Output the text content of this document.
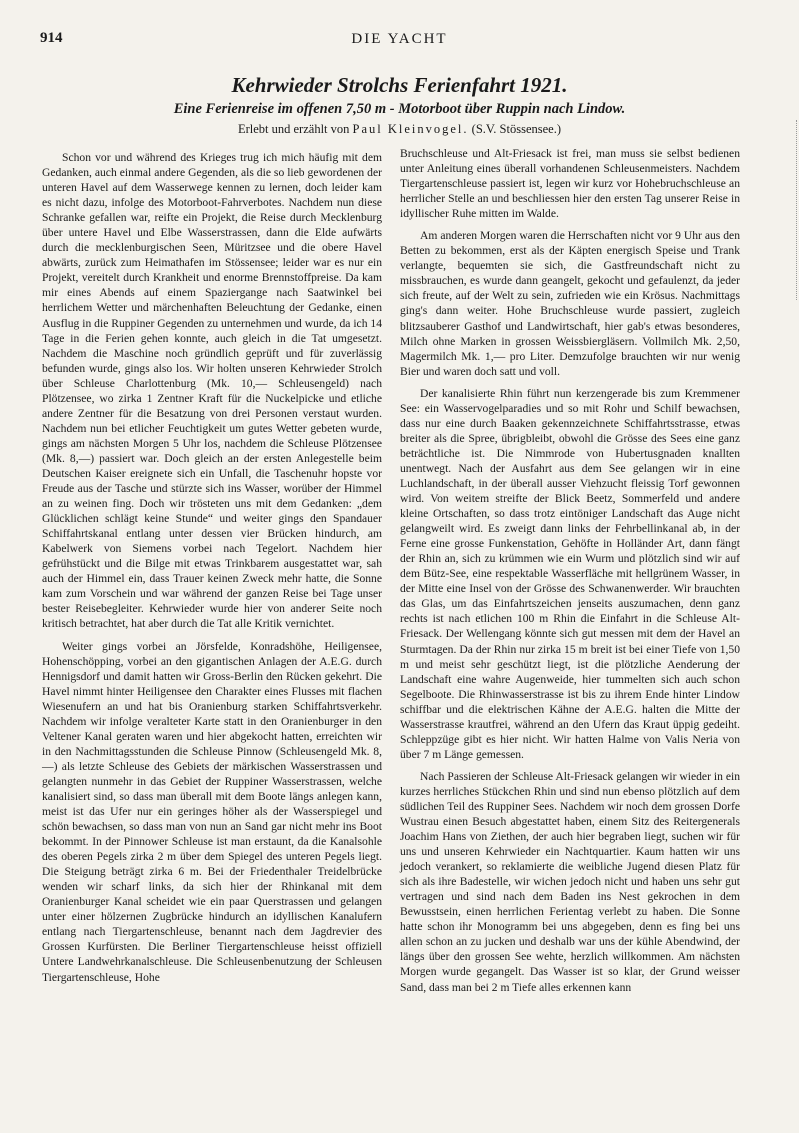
914	DIE YACHT
Kehrwieder Strolchs Ferienfahrt 1921.
Eine Ferienreise im offenen 7,50 m - Motorboot über Ruppin nach Lindow.
Erlebt und erzählt von Paul Kleinvogel. (S.V. Stössensee.)

Schon vor und während des Krieges trug ich mich häufig mit dem Gedanken, auch einmal andere Gegenden, als die so lieb gewordenen der unteren Havel auf dem Wasserwege kennen zu lernen, doch leider kam es nicht dazu, infolge des Motorboot-Fahrverbotes. Nachdem nun diese Schranke gefallen war, reifte ein Projekt, die Reise durch Mecklenburg über untere Havel und Elbe Wasserstrassen, dann die Elde aufwärts durch die mecklenburgischen Seen, Müritzsee und die obere Havel abwärts, zurück zum Heimathafen im Stössensee; leider war es nur ein Projekt, vereitelt durch Krankheit und enorme Brennstoffpreise. Da kam mir eines Abends auf einem Spaziergange nach Saatwinkel bei herrlichem Wetter und märchenhaften Beleuchtung der Gedanke, einen Ausflug in die Ruppiner Gegenden zu unternehmen und wurde, da ich 14 Tage in die Ferien gehen konnte, auch gleich in die Tat umgesetzt. Nachdem die Maschine noch gründlich geprüft und für zuverlässig befunden wurde, gings also los. Wir holten unseren Kehrwieder Strolch über Schleuse Charlottenburg (Mk. 10,— Schleusengeld) nach Plötzensee, wo zirka 1 Zentner Kraft für die Nuckelpicke und etliche andere Zentner für die Besatzung von drei Personen verstaut wurden. Nachdem nun bei etlicher Feuchtigkeit um gutes Wetter gebeten wurde, gings am nächsten Morgen 5 Uhr los, nachdem die Schleuse Plötzensee (Mk. 8,—) passiert war. Doch gleich an der ersten Anlegestelle beim Deutschen Kaiser ereignete sich ein Unfall, die Taschenuhr hopste vor Freude aus der Tasche und stürzte sich ins Wasser, worüber der Himmel an zu weinen fing. Doch wir trösteten uns mit dem Gedanken: „dem Glücklichen schlägt keine Stunde“ und weiter gings den Spandauer Schiffahrtskanal entlang unter dessen vier Brücken hindurch, am Kabelwerk von Siemens vorbei nach Tegelort. Nachdem hier gefrühstückt und die Bilge mit etwas Trinkbarem ausgestattet war, sah auch der Himmel ein, dass Trauer keinen Zweck mehr hatte, die Sonne kam zum Vorschein und war während der ganzen Reise bei Tage unser bester Reisebegleiter. Kehrwieder wurde hier von anderer Seite noch kritisch betrachtet, hat aber durch die Tat alle Kritik vernichtet.

Weiter gings vorbei an Jörsfelde, Konradshöhe, Heiligensee, Hohenschöpping, vorbei an den gigantischen Anlagen der A.E.G. durch Hennigsdorf und damit hatten wir Gross-Berlin den Rücken gekehrt. Die Havel nimmt hinter Heiligensee den Charakter eines Flusses mit flachen Wiesenufern an und hat bis Oranienburg starken Schiffahrtsverkehr. Nachdem wir infolge veralteter Karte statt in den Oranienburger in den Veltener Kanal geraten waren und hier abgekocht hatten, erreichten wir in den Nachmittagsstunden die Schleuse Pinnow (Schleusengeld Mk. 8,—) als letzte Schleuse des Gebiets der märkischen Wasserstrassen und gelangten nunmehr in das Gebiet der Ruppiner Wasserstrassen, welche kanalisiert sind, so dass man überall mit dem Boote längs anlegen kann, meist ist das Ufer nur ein geringes höher als der Wasserspiegel und schön bewachsen, so dass man von nun an Sand gar nicht mehr ins Boot bekommt. In der Pinnower Schleuse ist man erstaunt, da die Kanalsohle des oberen Pegels zirka 2 m über dem Spiegel des unteren Pegels liegt. Die Steigung beträgt zirka 6 m. Bei der Friedenthaler Treidelbrücke wenden wir scharf links, da sich hier der Rhinkanal mit dem Oranienburger Kanal scheidet wie ein paar Querstrassen und gelangen unter einer hölzernen Zugbrücke hindurch an idyllischen Kanalufern entlang nach Tiergartenschleuse, benannt nach dem Jagdrevier des Grossen Kurfürsten. Die Berliner Tiergartenschleuse heisst offiziell Untere Landwehrkanalschleuse. Die Schleusenbenutzung der Schleusen Tiergartenschleuse, Hohe

Bruchschleuse und Alt-Friesack ist frei, man muss sie selbst bedienen unter Anleitung eines überall vorhandenen Schleusenmeisters. Nachdem Tiergartenschleuse passiert ist, legen wir kurz vor Hohebruchschleuse an herrlicher Stelle an und beschliessen hier den ersten Tag unserer Reise in idyllischer Ruhe mitten im Walde.

Am anderen Morgen waren die Herrschaften nicht vor 9 Uhr aus den Betten zu bekommen, erst als der Käpten energisch Speise und Trank verlangte, bequemten sie sich, die Gastfreundschaft nicht zu missbrauchen, es wurde dann geangelt, gekocht und gefaulenzt, da jeder sich freute, auf der Welt zu sein, zufrieden wie ein Krösus. Nachmittags ging's dann weiter. Hohe Bruchschleuse wurde passiert, zugleich blitzsauberer Gasthof und Landwirtschaft, hier gab's etwas besonderes, Milch ohne Marken in grossen Weissbiergläsern. Vollmilch Mk. 2,50, Magermilch Mk. 1,— pro Liter. Demzufolge brauchten wir nur wenig Bier und waren doch satt und voll.

Der kanalisierte Rhin führt nun kerzengerade bis zum Kremmener See: ein Wasservogelparadies und so mit Rohr und Schilf bewachsen, dass nur eine durch Baaken gekennzeichnete Schiffahrtsstrasse, etwas breiter als die Spree, übrigbleibt, obwohl die Grösse des Sees eine ganz beträchtliche ist. Die Nimmrode von Hubertusgnaden knallten unentwegt. Nach der Ausfahrt aus dem See gelangen wir in eine Luchlandschaft, in der überall ausser Viehzucht fleissig Torf gewonnen wird. Von weitem streifte der Blick Beetz, Sommerfeld und andere kleine Ortschaften, so dass trotz eintöniger Landschaft das Auge nicht gelangweilt wird. Es zweigt dann links der Fehrbellinkanal ab, in der Ferne eine grosse Funkenstation, Gehöfte in Holländer Art, dann fängt der Rhin an, sich zu krümmen wie ein Wurm und plötzlich sind wir auf dem Bütz-See, eine respektable Wasserfläche mit hellgrünem Wasser, in der Mitte eine Insel von der Grösse des Schwanenwerder. Wir brauchten das Glas, um das Einfahrtszeichen jenseits auszumachen, denn ganz rechts ist nach etlichen 100 m Rhin die Einfahrt in die Schleuse Alt-Friesack. Der Wellengang könnte sich gut messen mit dem der Havel an Sturmtagen. Da der Rhin nur zirka 15 m breit ist bei einer Tiefe von 1,50 m und meist sehr geschützt liegt, ist die plötzliche Aenderung der Landschaft eine wahre Augenweide, hier tummelten sich auch schon Segelboote. Die Rhinwasserstrasse ist bis zu ihrem Ende hinter Lindow schiffbar und die elektrischen Kähne der A.E.G. halten die Mitte der Wasserstrasse krautfrei, während an den Ufern das Kraut üppig gedeiht. Schleppzüge gibt es hier nicht. Wir hatten Halme von Valis Neria von über 7 m Länge gemessen.

Nach Passieren der Schleuse Alt-Friesack gelangen wir wieder in ein kurzes herrliches Stückchen Rhin und sind nun ebenso plötzlich auf dem südlichen Teil des Ruppiner Sees. Nachdem wir noch dem grossen Dorfe Wustrau einen Besuch abgestattet haben, einem Sitz des Reitergenerals Joachim Hans von Ziethen, der auch hier begraben liegt, suchen wir für uns und unseren Kehrwieder ein Nachtquartier. Kaum hatten wir uns jedoch verankert, so reklamierte die weibliche Jugend diesen Platz für sich als ihre Badestelle, wir wichen jedoch nicht und haben uns sehr gut vertragen und sind nach dem Baden ins Nest gekrochen in dem Bewusstsein, einen herrlichen Ferientag verlebt zu haben. Die Sonne hatte schon ihr Monogramm bei uns abgegeben, denn es fing bei uns allen schon an zu jucken und deshalb war uns der kühle Abendwind, der längs über den grossen See wehte, herzlich willkommen. Am nächsten Morgen wurde gegangelt. Das Wasser ist so klar, der Grund weisser Sand, dass man bei 2 m Tiefe alles erkennen kann
